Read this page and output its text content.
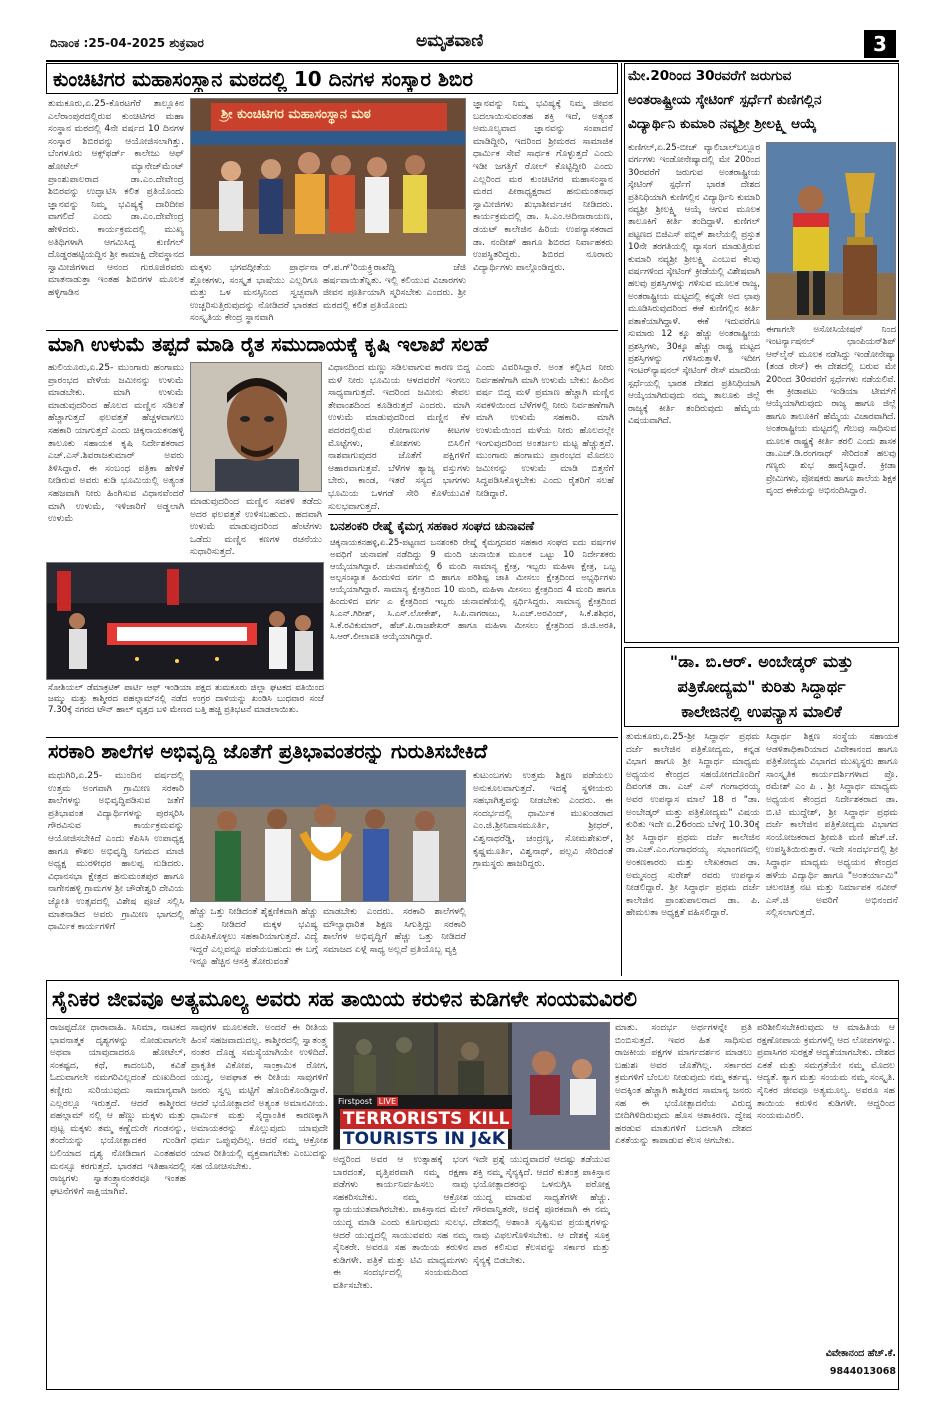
ದಿನಾಂಕ :25-04-2025 ಶುಕ್ರವಾರ	ಅಮೃತವಾಣಿ	3
ಕುಂಚಿಟಿಗರ ಮಹಾಸಂಸ್ಥಾನ ಮಠದಲ್ಲಿ 10 ದಿನಗಳ ಸಂಸ್ಕಾರ ಶಿಬಿರ
ತುಮಕೂರು,ಏ.25-ಕೊರಟಗೆರೆ ತಾಲ್ಲೂಕಿನ ಎಲೆರಾಂಪುರದಲ್ಲಿರುವ ಕುಂಚಿಟಿಗರ ಮಹಾ ಸಂಸ್ಥಾನ ಮಠದಲ್ಲಿ 4ನೇ ವರ್ಷದ 10 ದಿನಗಳ ಸಂಸ್ಕಾರ ಶಿಬಿರವನ್ನು ಆಯೋಜಿಸಲಾಗಿತ್ತು. ಬೆಂಗಳೂರು ಆಕ್ಸ್‌ಫರ್ಡ್ ಕಾಲೇಜು ಆಫ್ ಹೋಟೆಲ್ ಮ್ಯಾನೇಜ್‌ಮೆಂಟ್ ಪ್ರಾಂಶುಪಾಲರಾದ ಡಾ.ಎಂ.ದೇವೇಂದ್ರ ಶಿಬಿರವನ್ನು ಉದ್ಘಾಟಿಸಿ ಕಲಿತ ಪ್ರತಿಯೊಂದು ಜ್ಞಾನವನ್ನು ನಿಮ್ಮ ಭವಿಷ್ಯಕ್ಕೆ ದಾರಿದೀಪ ವಾಗಲಿದೆ ಎಂದು ಡಾ.ಎಂ.ದೇವೇಂದ್ರ ಹೇಳಿದರು. ಕಾರ್ಯಕ್ರಮದಲ್ಲಿ ಮುಖ್ಯ ಅತಿಥಿಗಳಾಗಿ ಆಗಮಿಸಿದ್ದ ಕುಣಿಗಲ್ ದೊಡ್ಡರಹಟ್ಟಿಯದ್ದಿನ ಶ್ರೀ ಕಾಮಾಕ್ಷಿ ದೇವಸ್ಥಾನದ ಸ್ವಾಮೀಜಿಗಳಾದ ಆನಂದ ಗುರೂಜಿರವರು ಮಾತನಾಡುತ್ತಾ ಇಂತಹ ಶಿಬಿರಗಳ ಮೂಲಕ ಹಳ್ಳಿಗಾಡಿನ
ಶ್ರೀ ಕುಂಚಿಟಿಗರ ಮಹಾಸಂಸ್ಥಾನ ಮಠ
ಮಕ್ಕಳು ಭಗವದ್ಗೀತೆಯ ಪ್ರಾರ್ಥನಾ ಶ್ಲೋಕಗಳು, ಸಂಸ್ಕೃತ ಭಾಷೆಯು ಎಲ್ಲರಿಗೂ ಮತ್ತು ಒಳ ಮನಸ್ಸಿನಿಂದ ಸ್ವಚ್ಛವಾಗಿ ಉಚ್ಚರಿಸುತ್ತಿರುವುದನ್ನು ನೋಡಿದರೆ ಭಾರತದ ಸಂಸ್ಕೃತಿಯ ಕೇಂದ್ರ ಸ್ಥಾನವಾಗಿ
ರ್.ಪ.ಗ್'ರಿಯಕ್ರ್ತಿರಾಖೆದ್ದಿ ಜೆಜಿ ಹರ್ಷವಾಯಿತೆನ್ನಿತು. ಇಲ್ಲಿ ಕಲಿಯುವ ವಿಚಾರಗಳು ಜೀವನ ಪೂರ್ತಿಯಾಗಿ ಸ್ಮರಿಸಬೇಕು ಎಂದರು. ಶ್ರೀ ಮಠದಲ್ಲಿ ಕಲಿತ ಪ್ರತಿಯೊಂದು
ಜ್ಞಾನವನ್ನು ನಿಮ್ಮ ಭವಿಷ್ಯಕ್ಕೆ ನಿಮ್ಮ ಜೀವನ ಬದಲಾಯಿಸುವಂತಹ ಶಕ್ತಿ ಇದೆ, ಅತ್ಯಂತ ಅಮೂಲ್ಯವಾದ ಜ್ಞಾನವನ್ನು ಸಂಪಾದನೆ ಮಾಡಿದ್ದೀರಿ, ಇದರಿಂದ ಶ್ರೀಮಠದ ಸಾಮಾಜಿಕ ಧಾರ್ಮಿಕ ಸೇವೆ ಸಾರ್ಥಕ ಗೊಳ್ಳುತ್ತದೆ ಎಂದು ಇಡೀ ಜಗತ್ತಿಗೆ ರೋಲ್‌ ಕೊಟ್ಟಿದ್ದೀರಿ ಎಂದು ಎಲ್ಲರಿಂದ ಮಠ ಕುಂಚಿಟಿಗರ ಮಹಾಸಂಸ್ಥಾನ ಮಠದ ಪೀಠಾಧ್ಯಕ್ಷರಾದ ಹನುಮಂತನಾಥ ಸ್ವಾಮೀಜಿಗಳು ಶುಭಾಶೀರ್ವಚನ ನೀಡಿದರು. ಕಾರ್ಯಕ್ರಮದಲ್ಲಿ ಡಾ. ಸಿ.ಎಂ.ಆದಿನಾರಾಯಣ, ಡಯಟ್ ಕಾಲೇಜಿನ ಹಿರಿಯ ಉಪನ್ಯಾಸಕರಾದ ಡಾ. ನಂದೀಶ್ ಹಾಗೂ ಶಿಬಿರದ ನಿರ್ವಾಹಕರು ಉಪಸ್ಥಿತರಿದ್ದರು. ಶಿಬಿರದ ನೂರಾರು ವಿದ್ಯಾರ್ಥಿಗಳು ಪಾಲ್ಗೊಂಡಿದ್ದರು.
ಮಾಗಿ ಉಳುಮೆ ತಪ್ಪದೆ ಮಾಡಿ ರೈತ ಸಮುದಾಯಕ್ಕೆ ಕೃಷಿ ಇಲಾಖೆ ಸಲಹೆ
ಹುಲಿಯೂರು,ಏ.25- ಮುಂಗಾರು ಹಂಗಾಮು ಪ್ರಾರಂಭದ ವೇಳೆಯ ಜಮೀನನ್ನು ಉಳುಮೆ ಮಾಡಬೇಕು. ಮಾಗಿ ಉಳುಮೆ ಮಾಡುವುದರಿಂದ ಹೊಲದ ಮಣ್ಣಿನ ಸಡಿಲತೆ ಹೆಚ್ಚಾಗುತ್ತದೆ ಫಲವತ್ತತೆ ಹೆಚ್ಚಳವಾಗಲು ಸಹಕಾರಿ ಯಾಗುತ್ತದೆ ಎಂದು ಚಿಕ್ಕನಾಯಕನಹಳ್ಳಿ ತಾಲೂಕು ಸಹಾಯಕ ಕೃಷಿ ನಿರ್ದೇಶಕರಾದ ಎಚ್.ಎಸ್.ಶಿವರಾಜಕುಮಾರ್ ಅವರು ತಿಳಿಸಿದ್ದಾರೆ. ಈ ಸಂಬಂಧ ಪತ್ರಿಕಾ ಹೇಳಿಕೆ ನೀಡಿರುವ ಅವರು ಕುಡಿ ಭೂಮಿಯಲ್ಲಿ ಅತ್ಯಂತ ಸಹಜವಾಗಿ ನೀರು ಹಿಂಗಿಸುವ ವಿಧಾನವೆಂದರೆ ಮಾಗಿ ಉಳುಮೆ, ಇಳಿಜಾರಿಗೆ ಅಡ್ಡಲಾಗಿ ಉಳುಮೆ
ಮಾಡುವುದರಿಂದ ಮಣ್ಣಿನ ಸವಕಳಿ ತಡೆದು ಅದರ ಫಲವತ್ತತೆ ಉಳಿಸಬಹುದು. ಹದವಾಗಿ ಉಳುಮೆ ಮಾಡುವುದರಿಂದ ಹೆಂಟೆಗಳು ಒಡೆದು ಮಣ್ಣಿನ ಕಣಗಳ ರಚನೆಯು ಸುಧಾರಿಸುತ್ತದೆ.
ವಿಧಾನದಿಂದ ಮಣ್ಣು ಸಡಿಲವಾಗುವ ಕಾರಣ ಬಿದ್ದ ಮಳೆ ನೀರು ಭೂಮಿಯ ಆಳದವರೆಗೆ ಇಂಗಲು ಸಾಧ್ಯವಾಗುತ್ತದೆ. ಇದರಿಂದ ಜಮೀನು ಕೇವಲ ತೇವಾಂಶದಿಂದ ಕೂಡಿರುತ್ತದೆ ಎಂದರು. ಮಾಗಿ ಉಳುಮೆ ಮಾಡುವುದರಿಂದ ಮಣ್ಣಿನ ಕೆಳ ಪದರದಲ್ಲಿರುವ ರೋಗಾಣುಗಳ ಕೀಟಗಳ ಮೊಟ್ಟೆಗಳು, ಕೋಶಗಳು ಬಿಸಿಲಿಗೆ ನಾಶವಾಗುವುದರ ಜೊತೆಗೆ ಪಕ್ಷಿಗಳಿಗೆ ಆಹಾರವಾಗುತ್ತವೆ. ಬೆಳೆಗಳ ತ್ಯಾಜ್ಯ ವಸ್ತುಗಳು ಬೇರು, ಕಾಂಡ, ಇತರೆ ಸಸ್ಯದ ಭಾಗಗಳು ಭೂಮಿಯ ಒಳಗಡೆ ಸೇರಿ ಕೊಳೆಯುವಿಕೆ ಸುಲಭವಾಗುತ್ತದೆ.
ಎಂದು ವಿವರಿಸಿದ್ದಾರೆ. ಅಂತ ಕಲ್ಪಿಸಿದ ನೀರು ನಿರ್ವಹಣೆಗಾಗಿ ಮಾಗಿ ಉಳುಮೆ ಬೇಕು: ಹಿಂದಿನ ವರ್ಷ ಬಿದ್ದ ಮಳೆ ಪ್ರಮಾಣ ಹೆಚ್ಚಾಗಿ ಮಣ್ಣಿನ ಸವಕಳಿಯಿಂದ ಬೆಳೆಗಳಲ್ಲಿ ನೀರು ನಿರ್ವಹಣೆಗಾಗಿ ಮಾಗಿ ಉಳುಮೆ ಸಹಕಾರಿ. ಮಾಗಿ ಉಳುಮೆಯಿಂದ ಮಳೆಯ ನೀರು ಹೊಲದಲ್ಲೇ ಇಂಗುವುದರಿಂದ ಅಂತರ್ಜಲ ಮಟ್ಟ ಹೆಚ್ಚುತ್ತದೆ. ಮುಂಗಾರು ಹಂಗಾಮು ಪ್ರಾರಂಭದ ಮೊದಲು ಜಮೀನನ್ನು ಉಳುಮೆ ಮಾಡಿ ಬಿತ್ತನೆಗೆ ಸಿದ್ಧಪಡಿಸಿಕೊಳ್ಳಬೇಕು ಎಂದು ರೈತರಿಗೆ ಸಲಹೆ ನೀಡಿದ್ದಾರೆ.
ಬನಶಂಕರಿ ರೇಷ್ಮೆ ಕೈಮಗ್ಗ ಸಹಕಾರ ಸಂಘದ ಚುನಾವಣೆ
ಚಿಕ್ಕನಾಯಕನಹಳ್ಳಿ,ಏ.25-ಪಟ್ಟಣದ ಬನಶಂಕರಿ ರೇಷ್ಮೆ ಕೈಮಗ್ಗದವರ ಸಹಕಾರ ಸಂಘದ ಐದು ವರ್ಷಗಳ ಅವಧಿಗೆ ಚುನಾವಣೆ ನಡೆದಿದ್ದು 9 ಮಂದಿ ಚುನಾಯಿತ ಮೂಲಕ ಒಟ್ಟು 10 ನಿರ್ದೇಶಕರು ಆಯ್ಕೆಯಾಗಿದ್ದಾರೆ. ಚುನಾವಣೆಯಲ್ಲಿ 6 ಮಂದಿ ಸಾಮಾನ್ಯ ಕ್ಷೇತ್ರ, ಇಬ್ಬರು ಮಹಿಳಾ ಕ್ಷೇತ್ರ, ಒಬ್ಬ ಅಲ್ಪಸಂಖ್ಯಾತ ಹಿಂದುಳಿದ ವರ್ಗ ಬಿ ಹಾಗೂ ಪರಿಶಿಷ್ಟ ಜಾತಿ ಮೀಸಲು ಕ್ಷೇತ್ರದಿಂದ ಅಭ್ಯರ್ಥಿಗಳು ಆಯ್ಕೆಯಾಗಿದ್ದಾರೆ. ಸಾಮಾನ್ಯ ಕ್ಷೇತ್ರದಿಂದ 10 ಮಂದಿ, ಮಹಿಳಾ ಮೀಸಲು ಕ್ಷೇತ್ರದಿಂದ 4 ಮಂದಿ ಹಾಗೂ ಹಿಂದುಳಿದ ವರ್ಗ ಎ ಕ್ಷೇತ್ರದಿಂದ ಇಬ್ಬರು ಚುನಾವಣೆಯಲ್ಲಿ ಸ್ಪರ್ಧಿಸಿದ್ದರು. ಸಾಮಾನ್ಯ ಕ್ಷೇತ್ರದಿಂದ ಸಿ.ಎನ್.ಗಿರೀಶ್, ಸಿ.ಎಸ್.ಲೋಕೇಶ್, ಸಿ.ಪಿ.ನಾಗರಾಜು, ಸಿ.ಎಚ್.ಅರವಿಂದ್, ಸಿ.ಕೆ.ಶಶಿಧರ, ಸಿ.ಕೆ.ರವಿಕುಮಾರ್, ಹೆಚ್.ಪಿ.ರಾಜಶೇಖರ್ ಹಾಗೂ ಮಹಿಳಾ ಮೀಸಲು ಕ್ಷೇತ್ರದಿಂದ ಜಿ.ಜಿ.ಅರತಿ, ಸಿ.ಆರ್.ಲೀಲಾವತಿ ಆಯ್ಕೆಯಾಗಿದ್ದಾರೆ.
ಸೋಶಿಯಲ್ ಡೆಮಾಕ್ರಟಿಕ್ ಪಾರ್ಟಿ ಆಫ್ ಇಂಡಿಯಾ ಪಕ್ಷದ ತುಮಕೂರು ಜಿಲ್ಲಾ ಘಟಕದ ವತಿಯಿಂದ ಜಮ್ಮು ಮತ್ತು ಕಾಶ್ಮೀರದ ಪಹಲ್ಗಾಮ್‌ನಲ್ಲಿ ನಡೆದ ಉಗ್ರರ ದಾಳಿಯನ್ನು ಖಂಡಿಸಿ ಬುಧವಾರ ಸಂಜೆ 7.30ಕ್ಕೆ ನಗರದ ಟೌನ್ ಹಾಲ್ ವೃತ್ತದ ಬಳಿ ಮೇಣದ ಬತ್ತಿ ಹಚ್ಚಿ ಪ್ರತಿಭಟನೆ ಮಾಡಲಾಯಿತು.
ಸರಕಾರಿ ಶಾಲೆಗಳ ಅಭಿವೃದ್ಧಿ ಜೊತೆಗೆ ಪ್ರತಿಭಾವಂತರನ್ನು ಗುರುತಿಸಬೇಕಿದೆ
ಮಧುಗಿರಿ,ಏ.25- ಮುಂದಿನ ವರ್ಷದಲ್ಲಿ ಉತ್ತಮ ಅಂಗವಾಗಿ ಗ್ರಾಮೀಣ ಸರಕಾರಿ ಶಾಲೆಗಳನ್ನು ಅಭಿವೃದ್ಧಿಪಡಿಸುವ ಜತೆಗೆ ಪ್ರತಿಭಾವಂತ ವಿದ್ಯಾರ್ಥಿಗಳನ್ನು ಪುರಸ್ಕರಿಸಿ ಗೌರವಿಸುವ ಕಾರ್ಯಕ್ರಮವನ್ನು ಆಯೋಜಿಸಬೇಕಿದೆ ಎಂದು ಕೆಪಿಸಿಸಿ ಉಪಾಧ್ಯಕ್ಷ ಹಾಗೂ ಕೌಶಲ ಅಭಿವೃದ್ಧಿ ನಿಗಮದ ಮಾಜಿ ಅಧ್ಯಕ್ಷ ಮುರಳೀಧರ ಹಾಲಪ್ಪ ನುಡಿದರು. ವಿಧಾನಸಭಾ ಕ್ಷೇತ್ರದ ಹನುಮಂತಪುರ ಹಾಗೂ ನಾಗೇನಹಳ್ಳಿ ಗ್ರಾಮಗಳ ಶ್ರೀ ಚೌಡೇಶ್ವರಿ ದೇವಿಯ ಜ್ಯೋತಿ ಉತ್ಸವದಲ್ಲಿ ವಿಶೇಷ ಪೂಜೆ ಸಲ್ಲಿಸಿ ಮಾತನಾಡಿದ ಅವರು ಗ್ರಾಮೀಣ ಭಾಗದಲ್ಲಿ ಧಾರ್ಮಿಕ ಕಾರ್ಯಗಳಿಗೆ
ಹೆಚ್ಚು ಒತ್ತು ನೀಡಿದಂತೆ ಶೈಕ್ಷಣಿಕವಾಗಿ ಹೆಚ್ಚು ಒತ್ತು ನೀಡಿದರೆ ಮಕ್ಕಳ ಭವಿಷ್ಯ ರೂಪಿಸಿಕೊಳ್ಳಲು ಸಹಕಾರಿಯಾಗುತ್ತದೆ. ವಿದ್ಯೆ ಇದ್ದರೆ ಎಲ್ಲವನ್ನೂ ಪಡೆಯಬಹುದು ಈ ಬಗ್ಗೆ ಇನ್ನೂ ಹೆಚ್ಚಿನ ಆಸಕ್ತಿ ತೋರುವಂತೆ
ಮಾಡಬೇಕು ಎಂದರು. ಸರಕಾರಿ ಶಾಲೆಗಳಲ್ಲಿ ಮೌಲ್ಯಾಧಾರಿತ ಶಿಕ್ಷಣ ಸಿಗುತ್ತಿದ್ದು ಸರಕಾರಿ ಶಾಲೆಗಳ ಅಭಿವೃದ್ಧಿಗೆ ಹೆಚ್ಚು ಒತ್ತು ನೀಡಿದರೆ ಸಮಾಜದ ಏಳ್ಗೆ ಸಾಧ್ಯ ಅಲ್ಲದೆ ಪ್ರತಿಯೊಬ್ಬ ವ್ಯಕ್ತಿ
ಕುಟುಂಬಗಳು ಉತ್ತಮ ಶಿಕ್ಷಣ ಪಡೆಯಲು ಅನುಕೂಲವಾಗುತ್ತದೆ. ಇದಕ್ಕೆ ಸ್ಥಳೀಯರು ಸಹಭಾಗಿತ್ವವನ್ನು ನೀಡಬೇಕು ಎಂದರು. ಈ ಸಂದರ್ಭದಲ್ಲಿ ಧಾರ್ಮಿಕ ಮುಖಂಡರಾದ ಎಂ.ಜಿ.ಶ್ರೀನಿವಾಸಮೂರ್ತಿ, ಶ್ರೀಧರ್, ವಿಶ್ವನಾಥರೆಡ್ಡಿ, ಚಂದ್ರಣ್ಣ, ಸೋಮಶೇಖರ್, ಕೃಷ್ಣಮೂರ್ತಿ, ವಿಶ್ವನಾಥ್, ಪಲ್ಲವಿ ಸೇರಿದಂತೆ ಗ್ರಾಮಸ್ಥರು ಹಾಜರಿದ್ದರು.
ಮೇ.20ರಿಂದ 30ರವರೆಗೆ ಜರುಗುವ
ಅಂತರಾಷ್ಟ್ರೀಯ ಸ್ಕೇಟಿಂಗ್ ಸ್ಪರ್ಧೆಗೆ ಕುಣಿಗಲ್ಲಿನ
ವಿದ್ಯಾರ್ಥಿನಿ ಕುಮಾರಿ ನವ್ಯಶ್ರೀ ಶ್ರೀಲಕ್ಷ್ಮಿ ಆಯ್ಕೆ
ಕುಣಿಗಲ್,ಏ.25-ಬೀಚ್ ವ್ಯಾಲಿಬಾಲ್‌ಬಲ್ಲೂರ ವರ್ಗಗಳು ಇಂಡೋನೇಷ್ಯಾದಲ್ಲಿ ಮೇ 20ರಿಂದ 30ರವರೆಗೆ ಜರುಗುವ ಅಂತರಾಷ್ಟ್ರೀಯ ಸ್ಕೇಟಿಂಗ್ ಸ್ಪರ್ಧೆಗೆ ಭಾರತ ದೇಶದ ಪ್ರತಿನಿಧಿಯಾಗಿ ಕುಣಿಗಲ್ಲಿನ ವಿದ್ಯಾರ್ಥಿನಿ ಕುಮಾರಿ ನವ್ಯಶ್ರೀ ಶ್ರೀಲಕ್ಷ್ಮಿ ಆಯ್ಕೆ ಆಗುವ ಮೂಲಕ ತಾಲೂಕಿಗೆ ಕೀರ್ತಿ ತಂದಿದ್ದಾಳೆ. ಕುಣಿಗಲ್ ಪಟ್ಟಣದ ಬಿಜಿಎಸ್ ಪಬ್ಲಿಕ್ ಶಾಲೆಯಲ್ಲಿ ಪ್ರಸ್ತುತ 10ನೇ ತರಗತಿಯಲ್ಲಿ ವ್ಯಾಸಂಗ ಮಾಡುತ್ತಿರುವ ಕುಮಾರಿ ನವ್ಯಶ್ರೀ ಶ್ರೀಲಕ್ಷ್ಮಿ ಎಂಬುವ ಕೆಲವು ವರ್ಷಗಳಿಂದ ಸ್ಕೇಟಿಂಗ್ ಕ್ರೀಡೆಯಲ್ಲಿ ವಿಶೇಷವಾಗಿ ಹಲವು ಪ್ರಶಸ್ತಿಗಳನ್ನು ಗಳಿಸುವ ಮೂಲಕ ರಾಜ್ಯ, ಅಂತರಾಷ್ಟ್ರೀಯ ಮಟ್ಟದಲ್ಲಿ ಕನ್ನಡೇ ಅದ ಛಾಪು ಮೂಡಿಸಿರುವುದರಿಂದ ಈಕೆ ಕುಣಿಗಲ್ಲಿನ ಕೀರ್ತಿ ಪತಾಕೆಯಾಗಿದ್ದಾಳೆ. ಈಕೆ ಇದುವರೆಗೂ ಸುಮಾರು 12 ಕ್ಕೂ ಹೆಚ್ಚು ಅಂತರಾಷ್ಟ್ರೀಯ ಪ್ರಶಸ್ತಿಗಳು, 30ಕ್ಕೂ ಹೆಚ್ಚು ರಾಷ್ಟ್ರ ಮಟ್ಟದ ಪ್ರಶಸ್ತಿಗಳನ್ನು ಗಳಿಸಿರುತ್ತಾಳೆ. ಇದೀಗ ಇಂಟರ್‌ನ್ಯಾಷನಲ್ ಸ್ಕೇಟಿಂಗ್ ರೇಸ್ ಮಾದರಿಯ ಸ್ಪರ್ಧೆಯಲ್ಲಿ ಭಾರತ ದೇಶದ ಪ್ರತಿನಿಧಿಯಾಗಿ ಆಯ್ಕೆಯಾಗಿರುವುದು ನಮ್ಮ ತಾಲೂಕು ಜಿಲ್ಲೆ ರಾಜ್ಯಕ್ಕೆ ಕೀರ್ತಿ ತಂದಿರುವುದು ಹೆಮ್ಮೆಯ ವಿಷಯವಾಗಿದೆ.
ಈಗಾಗಲೇ ಅಸೋಸಿಯೇಷನ್ ನಿಂದ ಇಂಟರ್ನ್ಯಾಷನಲ್ ಛಾಂಪಿಯನ್‌ಶಿಪ್ ಆನ್‌ಲೈನ್ ಮೂಲಕ ನಡೆಸಿದ್ದು ಇಂಡೋನೇಷ್ಯಾ (ತಂಡ ರೇಸ್) ಈ ದೇಶದಲ್ಲಿ ಬರುವ ಮೇ 20ರಿಂದ 30ರವರೆಗೆ ಸ್ಪರ್ಧೆಗಳು ನಡೆಯಲಿವೆ. ಈ ಕ್ರೀಡಾಪಟು ಇಂಡಿಯಾ ಟೀಮ್‌ಗೆ ಆಯ್ಕೆಯಾಗಿರುವುದು ರಾಜ್ಯ ಹಾಗೂ ಜಿಲ್ಲೆ ಹಾಗೂ ತಾಲೂಕಿಗೆ ಹೆಮ್ಮೆಯ ವಿಚಾರವಾಗಿದೆ. ಅಂತರಾಷ್ಟ್ರೀಯ ಮಟ್ಟದಲ್ಲಿ ಗೆಲುವು ಸಾಧಿಸುವ ಮೂಲಕ ರಾಷ್ಟ್ರಕ್ಕೆ ಕೀರ್ತಿ ತರಲಿ ಎಂದು ಶಾಸಕ ಡಾ.ಎಚ್.ಡಿ.ರಂಗನಾಥ್ ಸೇರಿದಂತೆ ಹಲವು ಗಣ್ಯರು ಶುಭ ಹಾರೈಸಿದ್ದಾರೆ. ಕ್ರೀಡಾ ಪ್ರೇಮಿಗಳು, ಪೋಷಕರು ಹಾಗೂ ಶಾಲೆಯ ಶಿಕ್ಷಕ ವೃಂದ ಈಕೆಯನ್ನು ಅಭಿನಂದಿಸಿದ್ದಾರೆ.
"ಡಾ. ಬಿ.ಆರ್. ಅಂಬೇಡ್ಕರ್ ಮತ್ತು
ಪತ್ರಿಕೋದ್ಯಮ" ಕುರಿತು ಸಿದ್ಧಾರ್ಥ
ಕಾಲೇಜಿನಲ್ಲಿ ಉಪನ್ಯಾಸ ಮಾಲಿಕೆ
ತುಮಕೂರು,ಏ.25-ಶ್ರೀ ಸಿದ್ಧಾರ್ಥ ಪ್ರಥಮ ದರ್ಜೆ ಕಾಲೇಜಿನ ಪತ್ರಿಕೋದ್ಯಮ, ಕನ್ನಡ ವಿಭಾಗ ಹಾಗೂ ಶ್ರೀ ಸಿದ್ಧಾರ್ಥ ಮಾಧ್ಯಮ ಅಧ್ಯಯನ ಕೇಂದ್ರದ ಸಹಯೋಗದೊಂದಿಗೆ ದಿವಂಗತ ಡಾ. ಎಚ್ ಎಸ್ ಗಂಗಾಧರಯ್ಯ ಅವರ ಉಪನ್ಯಾಸ ಮಾಲೆ 18 ರ "ಡಾ. ಅಂಬೇಡ್ಕರ್ ಮತ್ತು ಪತ್ರಿಕೋದ್ಯಮ" ವಿಷಯ ಕುರಿತು ಇದೇ ಏ.26ರಂದು ಬೆಳಗ್ಗೆ 10.30ಕ್ಕೆ ಶ್ರೀ ಸಿದ್ಧಾರ್ಥ ಪ್ರಥಮ ದರ್ಜೆ ಕಾಲೇಜಿನ ಡಾ.ಎಚ್.ಎಂ.ಗಂಗಾಧರಯ್ಯ ಸಭಾಂಗಣದಲ್ಲಿ ಅಂಕಣಕಾರರು ಮತ್ತು ಲೇಖಕರಾದ ಡಾ. ಅಮ್ಮಸಂದ್ರ ಸುರೇಶ್ ರವರು ಉಪನ್ಯಾಸ ನೀಡಲಿದ್ದಾರೆ. ಶ್ರೀ ಸಿದ್ಧಾರ್ಥ ಪ್ರಥಮ ದರ್ಜೆ ಕಾಲೇಜಿನ ಪ್ರಾಂಶುಪಾಲರಾದ ಡಾ. ಪಿ. ಹೇಮಲತಾ ಅಧ್ಯಕ್ಷತೆ ವಹಿಸಲಿದ್ದಾರೆ.
ಸಿದ್ಧಾರ್ಥ ಶಿಕ್ಷಣ ಸಂಸ್ಥೆಯ ಸಹಾಯಕ ಆಡಳಿತಾಧಿಕಾರಿಯಾದ ವಿವೇಕಾನಂದ ಹಾಗೂ ಪತ್ರಿಕೋದ್ಯಮ ವಿಭಾಗದ ಮುಖ್ಯಸ್ಥರು ಹಾಗೂ ಸಾಂಸ್ಕೃತಿಕ ಕಾರ್ಯದರ್ಶಿಗಳಾದ ಪ್ರೊ. ರಮೇಶ್ ಎಂ ಪಿ . ಶ್ರೀ ಸಿದ್ಧಾರ್ಥ ಮಾಧ್ಯಮ ಅಧ್ಯಯನ ಕೇಂದ್ರದ ನಿರ್ದೇಶಕರಾದ ಡಾ. ಬಿ.ಟಿ ಮುದ್ದೇಶ್, ಶ್ರೀ ಸಿದ್ಧಾರ್ಥ ಪ್ರಥಮ ದರ್ಜೆ ಕಾಲೇಜಿನ ಪತ್ರಿಕೋದ್ಯಮ ವಿಭಾಗದ ಸಂಯೋಜಕರಾದ ಶ್ರೀಮತಿ ಮಣಿ ಹೆಚ್.ಜೆ. ಉಪಸ್ಥಿತಿಯಿರುತ್ತಾರೆ. ಇದೇ ಸಂದರ್ಭದಲ್ಲಿ ಶ್ರೀ ಸಿದ್ಧಾರ್ಥ ಮಾಧ್ಯಮ ಅಧ್ಯಯನ ಕೇಂದ್ರದ ಹಳೆಯ ವಿದ್ಯಾರ್ಥಿ ಹಾಗೂ "ಅಂತರ್ಯಾಮಿ" ಚಲನಚಿತ್ರ ನಟ ಮತ್ತು ನಿರ್ಮಾಪಕ ನವೀನ್ ಎಸ್.ಜಿ ಅವರಿಗೆ ಅಭಿನಂದನೆ ಸಲ್ಲಿಸಲಾಗುತ್ತದೆ.
ಸೈನಿಕರ ಜೀವವೂ ಅತ್ಯಮೂಲ್ಯ ಅವರು ಸಹ ತಾಯಿಯ ಕರುಳಿನ ಕುಡಿಗಳೇ ಸಂಯಮವಿರಲಿ
ರಾಜಪ್ಪದೋ ಧಾರಾವಾಹಿ. ಸಿನಿಮಾ, ನಾಟಕದ ಭಾವನಾತ್ಮಕ ದೃಶ್ಯಗಳನ್ನು ನೋಡುವಾಗಲೇ ಅಥವಾ ಯಾವುದಾದರೂ ಹೋಟೆಲ್, ಸಂಕಷ್ಟದ, ಕಥೆ, ಕಾದಂಬರಿ, ಕವಿತೆ ಓದುವಾಗಲೇ ನಮಗರಿವಿಲ್ಲದಂತೆ ದುಃಖದಿಂದ ಕಣ್ಣೀರು ಸುರಿಯುವುದು ಸಾಮಾನ್ಯವಾಗಿ ಎಲ್ಲರಲ್ಲೂ ಇರುತ್ತದೆ. ಆದರೆ ಕಾಶ್ಮೀರದ ಪಹಲ್ಗಾಮ್ ನಲ್ಲಿ ಆ ಹೆಣ್ಣು ಮಕ್ಕಳು ಮತ್ತು ಪುಟ್ಟ ಮಕ್ಕಳು ತಮ್ಮ ಕಣ್ಣೆದುರೇ ಗಂಡನನ್ನು, ತಂದೆಯನ್ನು ಭಯೋತ್ಪಾದಕರ ಗುಂಡಿಗೆ ಬಲಿಯಾದ ದೃಶ್ಯ ನೋಡಿದಾಗ ಎಂತಹವರ ಮನಸ್ಸೂ ಕರಗುತ್ತದೆ. ಭಾರತದ ಇತಿಹಾಸದಲ್ಲಿ ರಾಜ್ಯಗಳು ಸ್ವಾತಂತ್ರ್ಯಾನಂತರವೂ ಇಂತಹ ಘಟನೆಗಳಿಗೆ ಸಾಕ್ಷಿಯಾಗಿವೆ.
ಸಾವುಗಳ ಮೂಲಕವೇ. ಅಂದರೆ ಈ ರೀತಿಯ ಹಿಂಸೆ ಸಹಜವಾದುದಲ್ಲ. ಕಾಶ್ಮೀರದಲ್ಲಿ ಸ್ವಾತಂತ್ರ್ಯ ನಂತರ ದೊಡ್ಡ ಸಮಸ್ಯೆಯಾಗಿಯೇ ಉಳಿದಿದೆ. ಪ್ರಾಕೃತಿಕ ವಿಕೋಪ, ಸಾಂಕ್ರಾಮಿಕ ರೋಗ, ಯುದ್ಧ, ಅಪಘಾತ ಈ ರೀತಿಯ ಸಾವುಗಳಿಗೆ ಜನರು ಸ್ವಲ್ಪ ಮಟ್ಟಿಗೆ ಹೊಂದಿಕೊಂಡಿದ್ದಾರೆ. ಆದರೆ ಭಯೋತ್ಪಾದನೆ ಅತ್ಯಂತ ಅಮಾನವೀಯ. ಧಾರ್ಮಿಕ ಮತ್ತು ಸೈದ್ಧಾಂತಿಕ ಕಾರಣಕ್ಕಾಗಿ ಅಮಾಯಕರನ್ನು ಕೊಲ್ಲುವುದು ಯಾವುದೇ ಧರ್ಮ ಒಪ್ಪುವುದಿಲ್ಲ. ಆದರೆ ನಮ್ಮ ಆಕ್ರೋಶ ಯಾವ ರೀತಿಯಲ್ಲಿ ವ್ಯಕ್ತವಾಗಬೇಕು ಎಂಬುದನ್ನು ಸಹ ಯೋಚಿಸಬೇಕು.
Firstpost LIVE
TERRORISTS KILL
TOURISTS IN J&K
ಅದ್ದರಿಂದ ಅವರ ಆ ಉತ್ಸಾಹಕ್ಕೆ ಭಂಗ ಬಾರದಂತೆ, ವೃತ್ತಿಪರವಾಗಿ ನಮ್ಮ ರಕ್ಷಣಾ ಪಡೆಗಳು ಕಾರ್ಯನಿರ್ವಹಿಸಲು ನಾವು ಸಹಕರಿಸಬೇಕು. ನಮ್ಮ ಆಕ್ರೋಶ ನ್ಯಾಯಯುತವಾಗಿರಬೇಕು. ಪಾಕಿಸ್ತಾನದ ಮೇಲೆ ಯುದ್ಧ ಮಾಡಿ ಎಂದು ಕೂಗುವುದು ಸುಲಭ. ಆದರೆ ಯುದ್ಧದಲ್ಲಿ ಸಾಯುವವರು ಸಹ ನಮ್ಮ ಸೈನಿಕರೇ. ಅವರೂ ಸಹ ತಾಯಿಯ ಕರುಳಿನ ಕುಡಿಗಳೇ. ಪತ್ರಿಕೆ ಮತ್ತು ಟಿವಿ ಮಾಧ್ಯಮಗಳು ಈ ಸಂದರ್ಭದಲ್ಲಿ ಸಂಯಮದಿಂದ ವರ್ತಿಸಬೇಕು.
ಇದೇ ಪ್ರಶ್ನೆ ಯುದ್ಧವಾದರೆ ಆದಷ್ಟು ತಡೆಯುವ ಶಕ್ತಿ ನಮ್ಮ ಸೈನ್ಯಕ್ಕಿದೆ. ಆದರೆ ಕುತಂತ್ರ ಪಾಕಿಸ್ತಾನ ಭಯೋತ್ಪಾದಕರನ್ನು ಒಳನುಗ್ಗಿಸಿ ಪರೋಕ್ಷ ಯುದ್ಧ ಮಾಡುವ ಸಾಧ್ಯತೆಗಳೇ ಹೆಚ್ಚು. ಗೌರವಾನ್ವಿತರೇ, ಅದಕ್ಕೆ ಪೂರಕವಾಗಿ ಈ ನಮ್ಮ ದೇಶದಲ್ಲಿ ಅಶಾಂತಿ ಸೃಷ್ಟಿಸುವ ಪ್ರಯತ್ನಗಳನ್ನು ನಾವು ವಿಫಲಗೊಳಿಸಬೇಕು. ಆ ದೇಶಕ್ಕೆ ಸೂಕ್ತ ಪಾಠ ಕಲಿಸುವ ಕೆಲಸವನ್ನು ಸರ್ಕಾರ ಮತ್ತು ಸೈನ್ಯಕ್ಕೆ ಬಿಡಬೇಕು.
ಮಾತು. ಸಂದರ್ಭ ಅರ್ಥಗಳನ್ನೇ ಪ್ರತಿ ಬಿಂಬಿಸುತ್ತದೆ. ಇವರ ಹಿತ ಸಾಧಿಸುವ ರಾಜಕೀಯ ಪಕ್ಷಗಳ ಮಾರ್ಗದರ್ಶನ ಮಾಡಲು ಬಹುಶಃ ಅವರ ಜೊತೆಗಿಲ್ಲ. ಸರ್ಕಾರದ ಕ್ರಮಗಳಿಗೆ ಬೆಂಬಲ ನೀಡುವುದು ನಮ್ಮ ಕರ್ತವ್ಯ. ಅದಕ್ಕಿಂತ ಹೆಚ್ಚಾಗಿ ಕಾಶ್ಮೀರದ ಸಾಮಾನ್ಯ ಜನರು ಸಹ ಈ ಭಯೋತ್ಪಾದನೆಯ ವಿರುದ್ಧ ಬೀದಿಗಿಳಿದಿರುವುದು ಹೊಸ ಆಶಾಕಿರಣ. ದ್ವೇಷ ಹರಡುವ ಮಾತುಗಳಿಗೆ ಬದಲಾಗಿ ದೇಶದ ಏಕತೆಯನ್ನು ಕಾಪಾಡುವ ಕೆಲಸ ಆಗಬೇಕು.
ಪರಿಶೀಲಿಸಬೇಕಿರುವುದು ಆ ಮಾಹಿತಿಯ ಆ ರಕ್ಷಣೋಪಾಯ ಕ್ರಮಗಳಲ್ಲಿ ಆದ ಲೋಪಗಳನ್ನು. ಪ್ರವಾಸಿಗರ ಸುರಕ್ಷತೆ ಆದ್ಯತೆಯಾಗಬೇಕು. ದೇಶದ ಏಕತೆ ಮತ್ತು ಸಮಗ್ರತೆಯೇ ನಮ್ಮ ಮೊದಲ ಆದ್ಯತೆ. ತ್ಯಾಗ ಮತ್ತು ಸಂಯಮ ನಮ್ಮ ಸಂಸ್ಕೃತಿ. ಸೈನಿಕರ ಜೀವವೂ ಅತ್ಯಮೂಲ್ಯ. ಅವರೂ ಸಹ ತಾಯಿಯ ಕರುಳಿನ ಕುಡಿಗಳೇ. ಆದ್ದರಿಂದ ಸಂಯಮವಿರಲಿ.
ವಿವೇಕಾನಂದ ಹೆಚ್.ಕೆ.
9844013068
